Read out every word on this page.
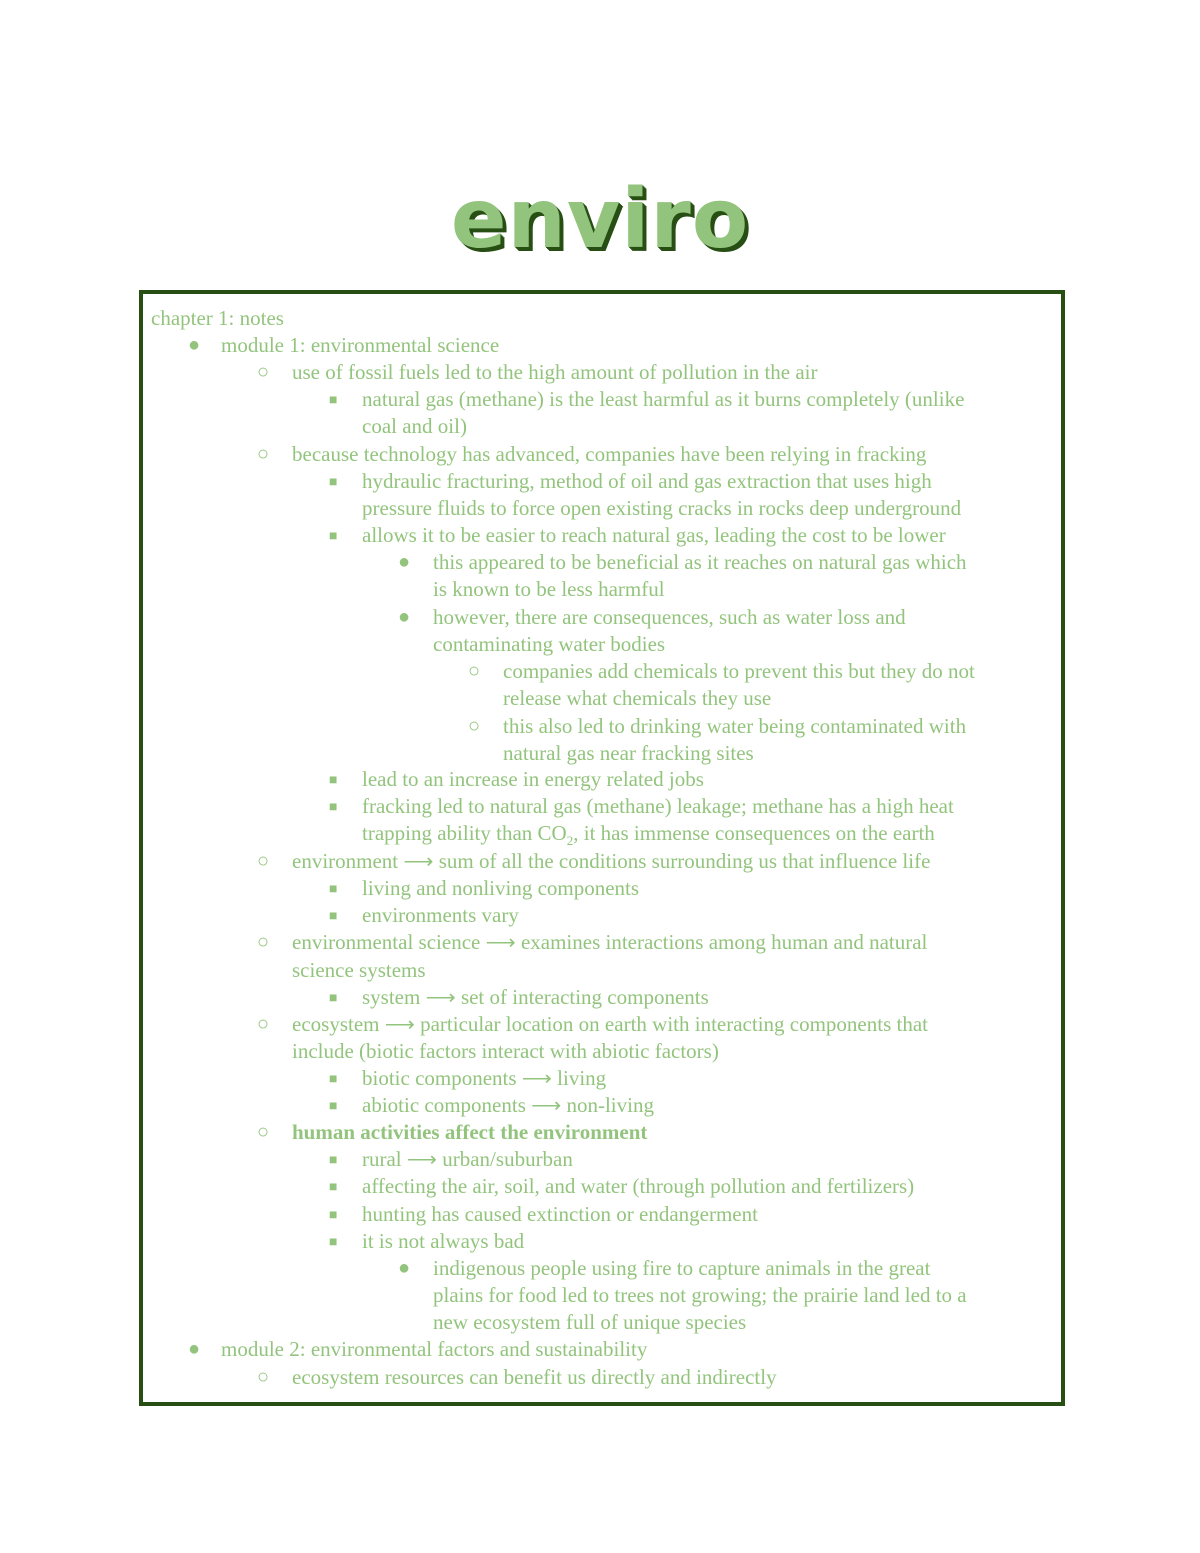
enviro
chapter 1: notes
● module 1: environmental science
○ use of fossil fuels led to the high amount of pollution in the air
■ natural gas (methane) is the least harmful as it burns completely (unlike
coal and oil)
○ because technology has advanced, companies have been relying in fracking
■ hydraulic fracturing, method of oil and gas extraction that uses high
pressure fluids to force open existing cracks in rocks deep underground
■ allows it to be easier to reach natural gas, leading the cost to be lower
● this appeared to be beneficial as it reaches on natural gas which
is known to be less harmful
● however, there are consequences, such as water loss and
contaminating water bodies
○ companies add chemicals to prevent this but they do not
release what chemicals they use
○ this also led to drinking water being contaminated with
natural gas near fracking sites
■ lead to an increase in energy related jobs
■ fracking led to natural gas (methane) leakage; methane has a high heat
trapping ability than $CO_2$, it has immense consequences on the earth
○ environment ⟶ sum of all the conditions surrounding us that influence life
■ living and nonliving components
■ environments vary
○ environmental science ⟶ examines interactions among human and natural
science systems
■ system ⟶ set of interacting components
○ ecosystem ⟶ particular location on earth with interacting components that
include (biotic factors interact with abiotic factors)
■ biotic components ⟶ living
■ abiotic components ⟶ non-living
○ human activities affect the environment
■ rural ⟶ urban/suburban
■ affecting the air, soil, and water (through pollution and fertilizers)
■ hunting has caused extinction or endangerment
■ it is not always bad
● indigenous people using fire to capture animals in the great
plains for food led to trees not growing; the prairie land led to a
new ecosystem full of unique species
● module 2: environmental factors and sustainability
○ ecosystem resources can benefit us directly and indirectly
